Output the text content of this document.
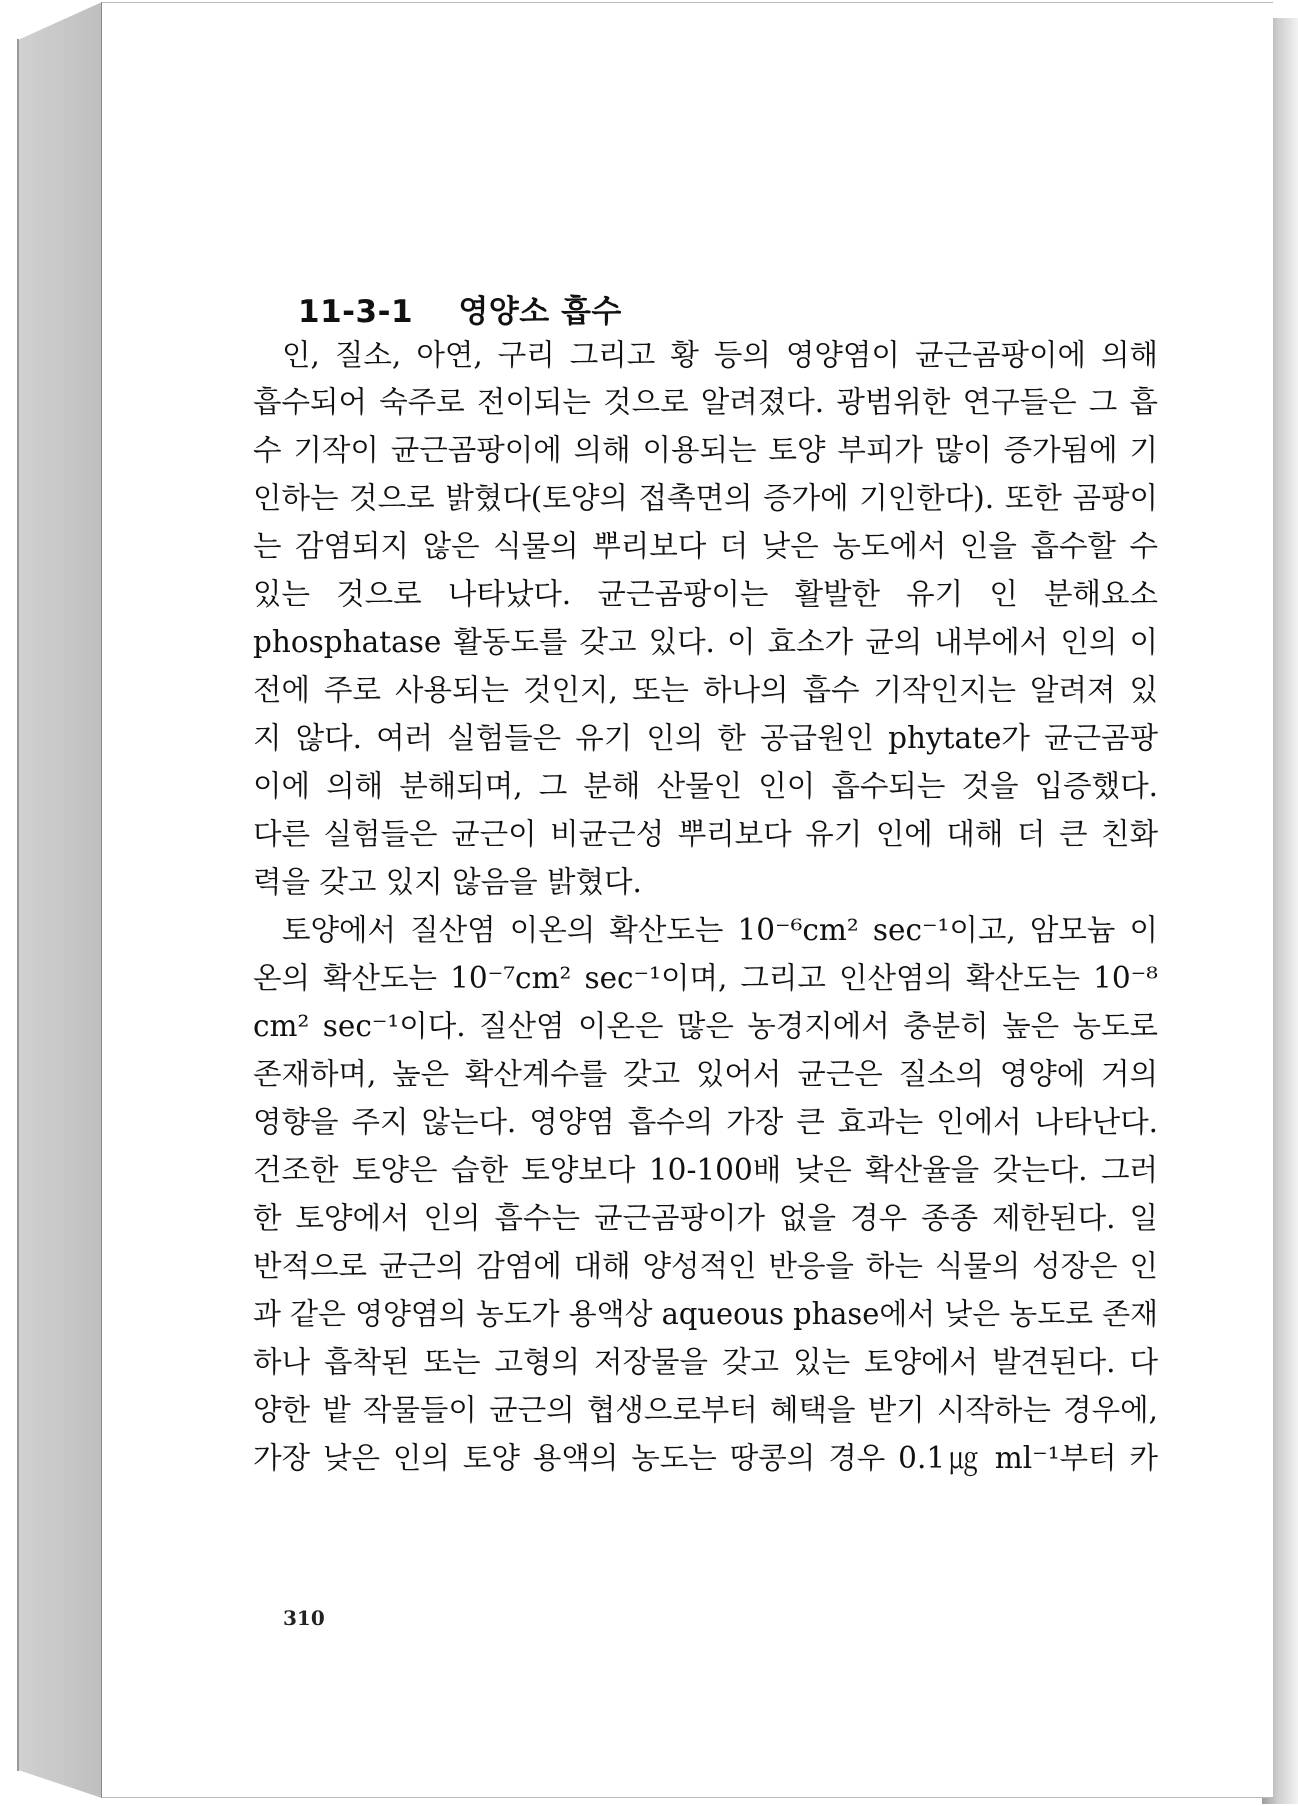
11-3-1 영양소 흡수
인, 질소, 아연, 구리 그리고 황 등의 영양염이 균근곰팡이에 의해
흡수되어 숙주로 전이되는 것으로 알려졌다. 광범위한 연구들은 그 흡
수 기작이 균근곰팡이에 의해 이용되는 토양 부피가 많이 증가됨에 기
인하는 것으로 밝혔다(토양의 접촉면의 증가에 기인한다). 또한 곰팡이
는 감염되지 않은 식물의 뿌리보다 더 낮은 농도에서 인을 흡수할 수
있는 것으로 나타났다. 균근곰팡이는 활발한 유기 인 분해요소
phosphatase 활동도를 갖고 있다. 이 효소가 균의 내부에서 인의 이
전에 주로 사용되는 것인지, 또는 하나의 흡수 기작인지는 알려져 있
지 않다. 여러 실험들은 유기 인의 한 공급원인 phytate가 균근곰팡
이에 의해 분해되며, 그 분해 산물인 인이 흡수되는 것을 입증했다.
다른 실험들은 균근이 비균근성 뿌리보다 유기 인에 대해 더 큰 친화
력을 갖고 있지 않음을 밝혔다.
토양에서 질산염 이온의 확산도는 10⁻⁶cm² sec⁻¹이고, 암모늄 이
온의 확산도는 10⁻⁷cm² sec⁻¹이며, 그리고 인산염의 확산도는 10⁻⁸
cm² sec⁻¹이다. 질산염 이온은 많은 농경지에서 충분히 높은 농도로
존재하며, 높은 확산계수를 갖고 있어서 균근은 질소의 영양에 거의
영향을 주지 않는다. 영양염 흡수의 가장 큰 효과는 인에서 나타난다.
건조한 토양은 습한 토양보다 10-100배 낮은 확산율을 갖는다. 그러
한 토양에서 인의 흡수는 균근곰팡이가 없을 경우 종종 제한된다. 일
반적으로 균근의 감염에 대해 양성적인 반응을 하는 식물의 성장은 인
과 같은 영양염의 농도가 용액상 aqueous phase에서 낮은 농도로 존재
하나 흡착된 또는 고형의 저장물을 갖고 있는 토양에서 발견된다. 다
양한 밭 작물들이 균근의 협생으로부터 혜택을 받기 시작하는 경우에,
가장 낮은 인의 토양 용액의 농도는 땅콩의 경우 0.1㎍ ml⁻¹부터 카
310
